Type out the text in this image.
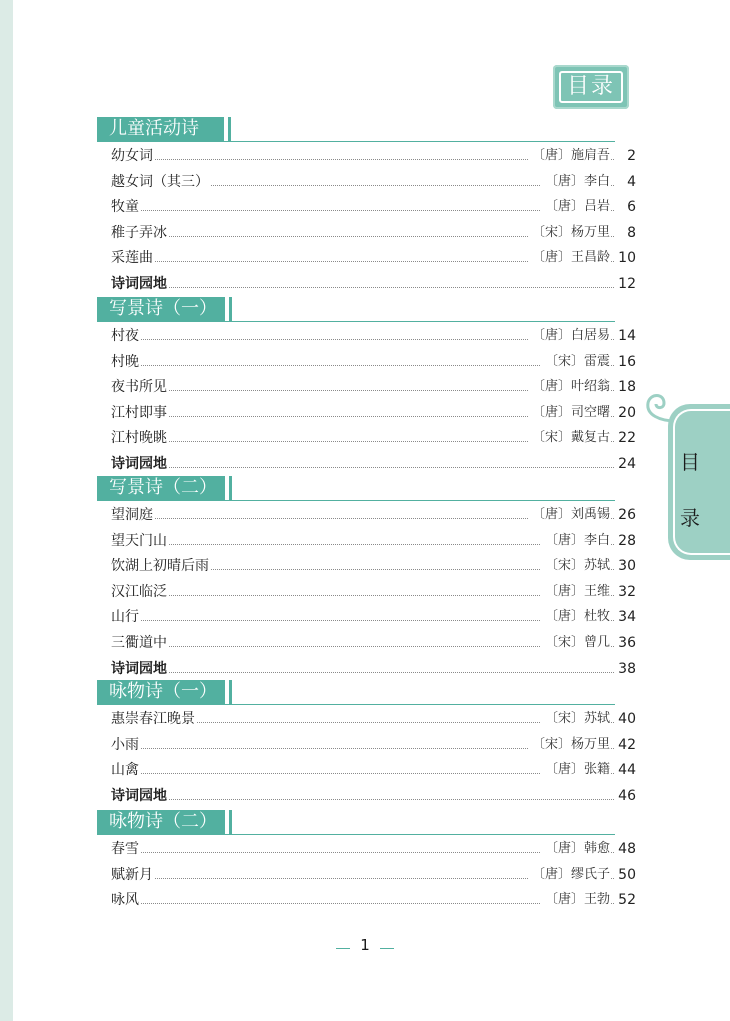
目录
目
录
儿童活动诗
幼女词	〔唐〕施肩吾	2
越女词（其三）	〔唐〕李白	4
牧童	〔唐〕吕岩	6
稚子弄冰	〔宋〕杨万里	8
采莲曲	〔唐〕王昌龄 10
诗词园地	12
写景诗（一）
村夜	〔唐〕白居易 14
村晚	〔宋〕雷震 16
夜书所见	〔唐〕叶绍翁 18
江村即事	〔唐〕司空曙 20
江村晚眺	〔宋〕戴复古 22
诗词园地	24
写景诗（二）
望洞庭	〔唐〕刘禹锡 26
望天门山	〔唐〕李白 28
饮湖上初晴后雨	〔宋〕苏轼 30
汉江临泛	〔唐〕王维 32
山行	〔唐〕杜牧 34
三衢道中	〔宋〕曾几 36
诗词园地	38
咏物诗（一）
惠崇春江晚景	〔宋〕苏轼 40
小雨	〔宋〕杨万里 42
山禽	〔唐〕张籍 44
诗词园地	46
咏物诗（二）
春雪	〔唐〕韩愈 48
赋新月	〔唐〕缪氏子 50
咏风	〔唐〕王勃 52
1
